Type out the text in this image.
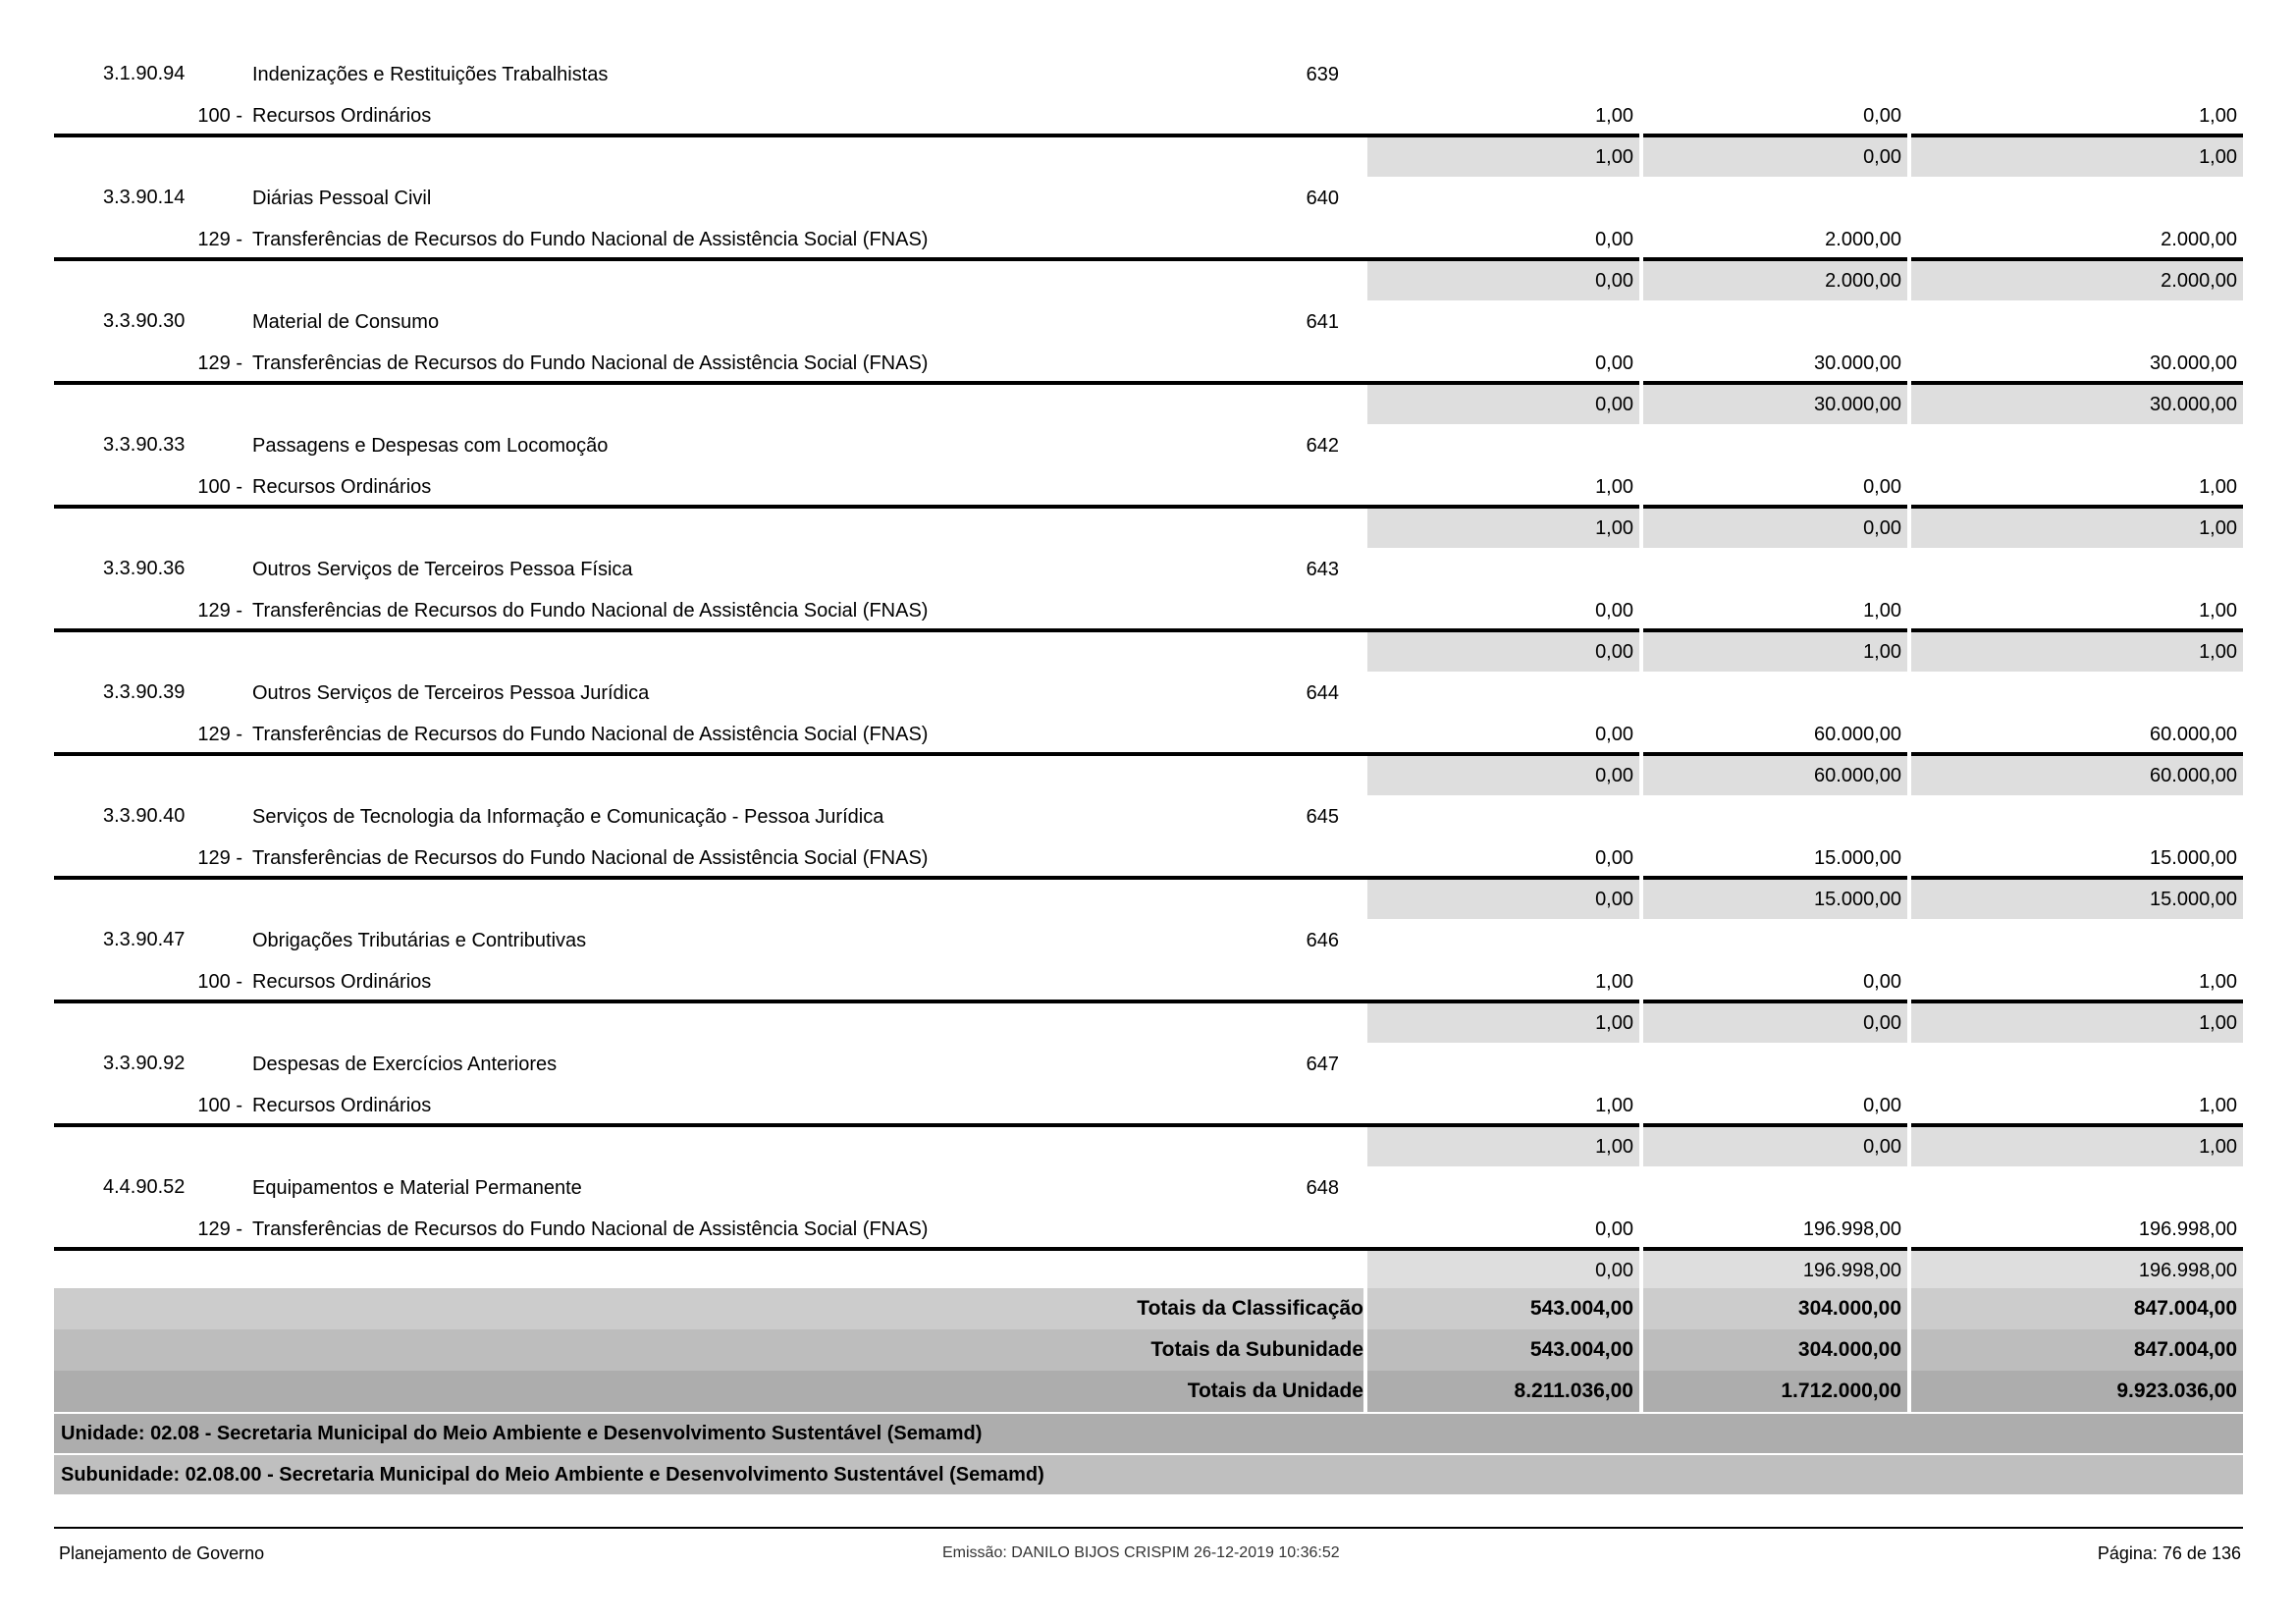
3.1.90.94	Indenizações e Restituições Trabalhistas	639
100 - Recursos Ordinários	1,00	0,00	1,00
1,00	0,00	1,00
3.3.90.14	Diárias Pessoal Civil	640
129 - Transferências de Recursos do Fundo Nacional de Assistência Social (FNAS)	0,00	2.000,00	2.000,00
0,00	2.000,00	2.000,00
3.3.90.30	Material de Consumo	641
129 - Transferências de Recursos do Fundo Nacional de Assistência Social (FNAS)	0,00	30.000,00	30.000,00
0,00	30.000,00	30.000,00
3.3.90.33	Passagens e Despesas com Locomoção	642
100 - Recursos Ordinários	1,00	0,00	1,00
1,00	0,00	1,00
3.3.90.36	Outros Serviços de Terceiros Pessoa Física	643
129 - Transferências de Recursos do Fundo Nacional de Assistência Social (FNAS)	0,00	1,00	1,00
0,00	1,00	1,00
3.3.90.39	Outros Serviços de Terceiros Pessoa Jurídica	644
129 - Transferências de Recursos do Fundo Nacional de Assistência Social (FNAS)	0,00	60.000,00	60.000,00
0,00	60.000,00	60.000,00
3.3.90.40	Serviços de Tecnologia da Informação e Comunicação - Pessoa Jurídica	645
129 - Transferências de Recursos do Fundo Nacional de Assistência Social (FNAS)	0,00	15.000,00	15.000,00
0,00	15.000,00	15.000,00
3.3.90.47	Obrigações Tributárias e Contributivas	646
100 - Recursos Ordinários	1,00	0,00	1,00
1,00	0,00	1,00
3.3.90.92	Despesas de Exercícios Anteriores	647
100 - Recursos Ordinários	1,00	0,00	1,00
1,00	0,00	1,00
4.4.90.52	Equipamentos e Material Permanente	648
129 - Transferências de Recursos do Fundo Nacional de Assistência Social (FNAS)	0,00	196.998,00	196.998,00
0,00	196.998,00	196.998,00
Totais da Classificação	543.004,00	304.000,00	847.004,00
Totais da Subunidade	543.004,00	304.000,00	847.004,00
Totais da Unidade	8.211.036,00	1.712.000,00	9.923.036,00
Unidade: 02.08 - Secretaria Municipal do Meio Ambiente e Desenvolvimento Sustentável (Semamd)
Subunidade: 02.08.00 - Secretaria Municipal do Meio Ambiente e Desenvolvimento Sustentável (Semamd)
Planejamento de Governo	Emissão: DANILO BIJOS CRISPIM 26-12-2019 10:36:52	Página: 76 de 136
